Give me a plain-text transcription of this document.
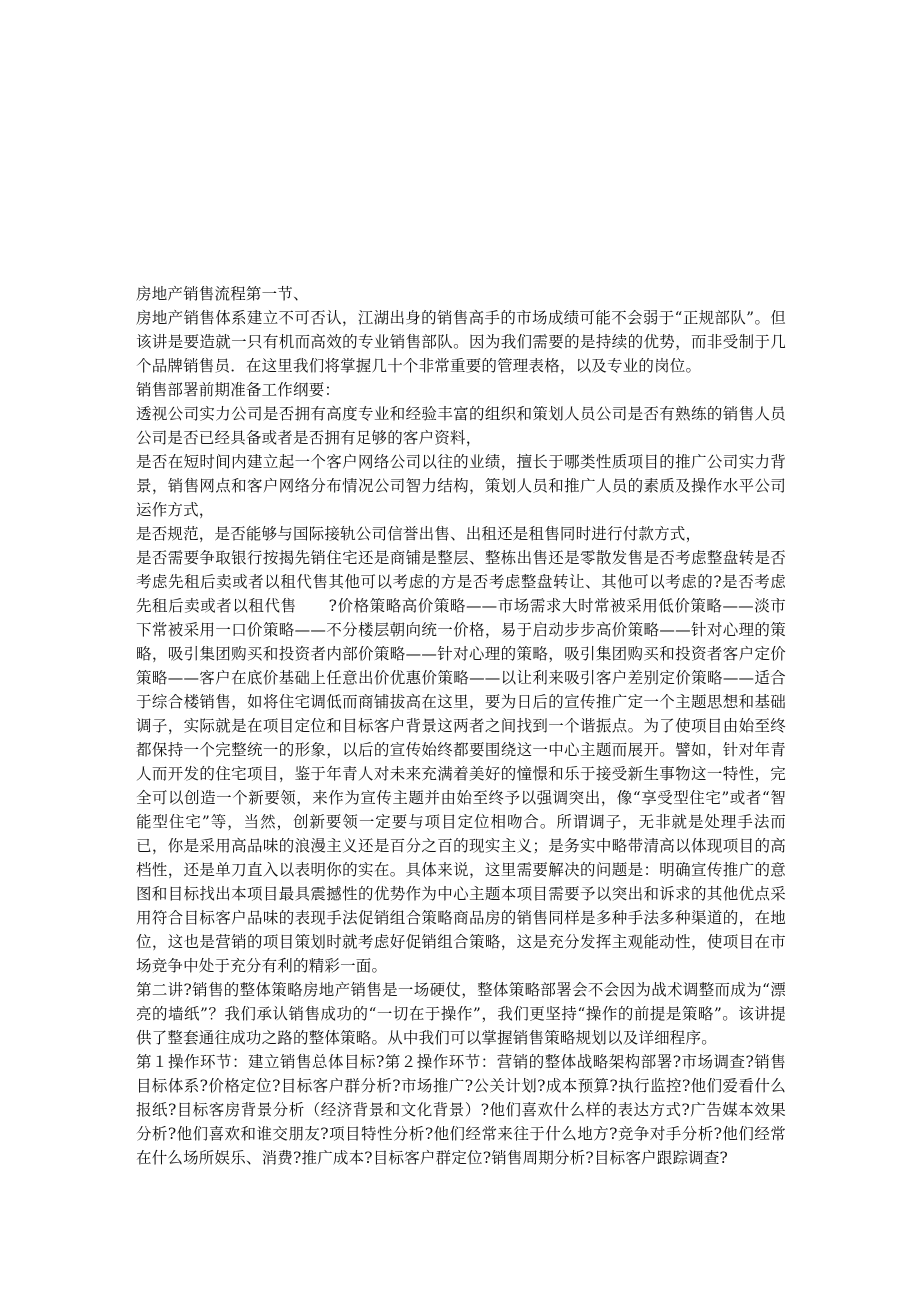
房地产销售流程第一节、

房地产销售体系建立不可否认，江湖出身的销售高手的市场成绩可能不会弱于“正规部队”。但该讲是要造就一只有机而高效的专业销售部队。因为我们需要的是持续的优势，而非受制于几个品牌销售员．在这里我们将掌握几十个非常重要的管理表格，以及专业的岗位。

销售部署前期准备工作纲要：

透视公司实力公司是否拥有高度专业和经验丰富的组织和策划人员公司是否有熟练的销售人员公司是否已经具备或者是否拥有足够的客户资料，

是否在短时间内建立起一个客户网络公司以往的业绩，擅长于哪类性质项目的推广公司实力背景，销售网点和客户网络分布情况公司智力结构，策划人员和推广人员的素质及操作水平公司运作方式，

是否规范，是否能够与国际接轨公司信誉出售、出租还是租售同时进行付款方式，

是否需要争取银行按揭先销住宅还是商铺是整层、整栋出售还是零散发售是否考虑整盘转是否考虑先租后卖或者以租代售其他可以考虑的方是否考虑整盘转让、其他可以考虑的?是否考虑先租后卖或者以租代售　　?价格策略高价策略——市场需求大时常被采用低价策略——淡市下常被采用一口价策略——不分楼层朝向统一价格，易于启动步步高价策略——针对心理的策略，吸引集团购买和投资者内部价策略——针对心理的策略，吸引集团购买和投资者客户定价策略——客户在底价基础上任意出价优惠价策略——以让利来吸引客户差别定价策略——适合于综合楼销售，如将住宅调低而商铺拔高在这里，要为日后的宣传推广定一个主题思想和基础调子，实际就是在项目定位和目标客户背景这两者之间找到一个谐振点。为了使项目由始至终都保持一个完整统一的形象，以后的宣传始终都要围绕这一中心主题而展开。譬如，针对年青人而开发的住宅项目，鉴于年青人对未来充满着美好的憧憬和乐于接受新生事物这一特性，完全可以创造一个新要领，来作为宣传主题并由始至终予以强调突出，像“享受型住宅”或者“智能型住宅”等，当然，创新要领一定要与项目定位相吻合。所谓调子，无非就是处理手法而已，你是采用高品味的浪漫主义还是百分之百的现实主义；是务实中略带清高以体现项目的高档性，还是单刀直入以表明你的实在。具体来说，这里需要解决的问题是：明确宣传推广的意图和目标找出本项目最具震撼性的优势作为中心主题本项目需要予以突出和诉求的其他优点采用符合目标客户品味的表现手法促销组合策略商品房的销售同样是多种手法多种渠道的，在地位，这也是营销的项目策划时就考虑好促销组合策略，这是充分发挥主观能动性，使项目在市场竞争中处于充分有利的精彩一面。

第二讲?销售的整体策略房地产销售是一场硬仗，整体策略部署会不会因为战术调整而成为“漂亮的墙纸”？我们承认销售成功的“一切在于操作”，我们更坚持“操作的前提是策略”。该讲提供了整套通往成功之路的整体策略。从中我们可以掌握销售策略规划以及详细程序。

第１操作环节：建立销售总体目标?第２操作环节：营销的整体战略架构部署?市场调查?销售目标体系?价格定位?目标客户群分析?市场推广?公关计划?成本预算?执行监控?他们爱看什么报纸?目标客房背景分析（经济背景和文化背景）?他们喜欢什么样的表达方式?广告媒本效果分析?他们喜欢和谁交朋友?项目特性分析?他们经常来往于什么地方?竞争对手分析?他们经常在什么场所娱乐、消费?推广成本?目标客户群定位?销售周期分析?目标客户跟踪调查?
